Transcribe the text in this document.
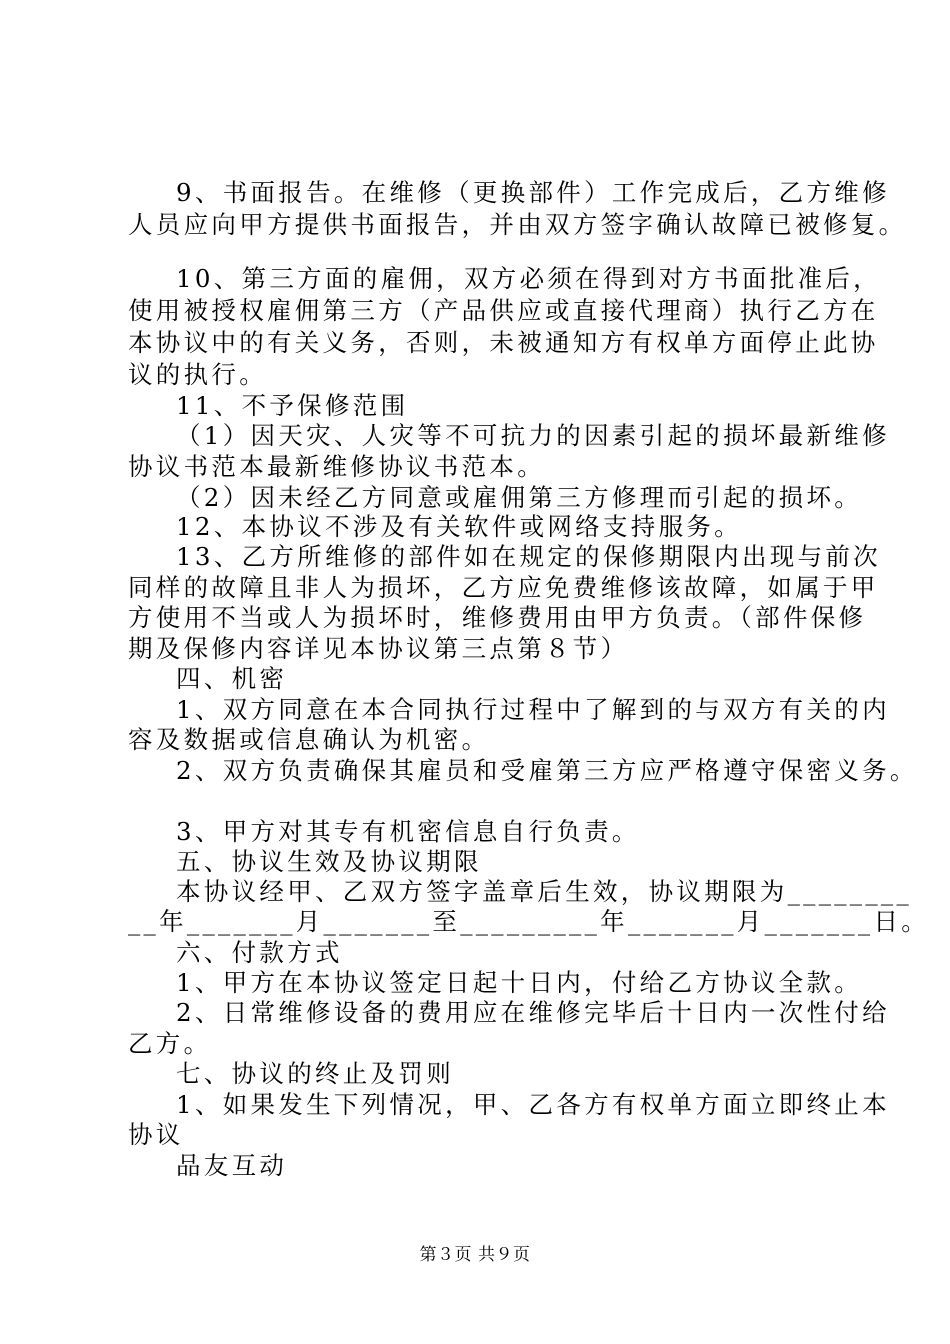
9、书面报告。在维修（更换部件）工作完成后，乙方维修
人员应向甲方提供书面报告，并由双方签字确认故障已被修复。
10、第三方面的雇佣，双方必须在得到对方书面批准后，
使用被授权雇佣第三方（产品供应或直接代理商）执行乙方在
本协议中的有关义务，否则，未被通知方有权单方面停止此协
议的执行。
11、不予保修范围
（1）因天灾、人灾等不可抗力的因素引起的损坏最新维修
协议书范本最新维修协议书范本。
（2）因未经乙方同意或雇佣第三方修理而引起的损坏。
12、本协议不涉及有关软件或网络支持服务。
13、乙方所维修的部件如在规定的保修期限内出现与前次
同样的故障且非人为损坏，乙方应免费维修该故障，如属于甲
方使用不当或人为损坏时，维修费用由甲方负责。（部件保修
期及保修内容详见本协议第三点第８节）
四、机密
1、双方同意在本合同执行过程中了解到的与双方有关的内
容及数据或信息确认为机密。
2、双方负责确保其雇员和受雇第三方应严格遵守保密义务。
3、甲方对其专有机密信息自行负责。
五、协议生效及协议期限
本协议经甲、乙双方签字盖章后生效，协议期限为________
__年_______月_______至_________年_______月_______日。
六、付款方式
1、甲方在本协议签定日起十日内，付给乙方协议全款。
2、日常维修设备的费用应在维修完毕后十日内一次性付给
乙方。
七、协议的终止及罚则
1、如果发生下列情况，甲、乙各方有权单方面立即终止本
协议
品友互动
第３页 共９页
